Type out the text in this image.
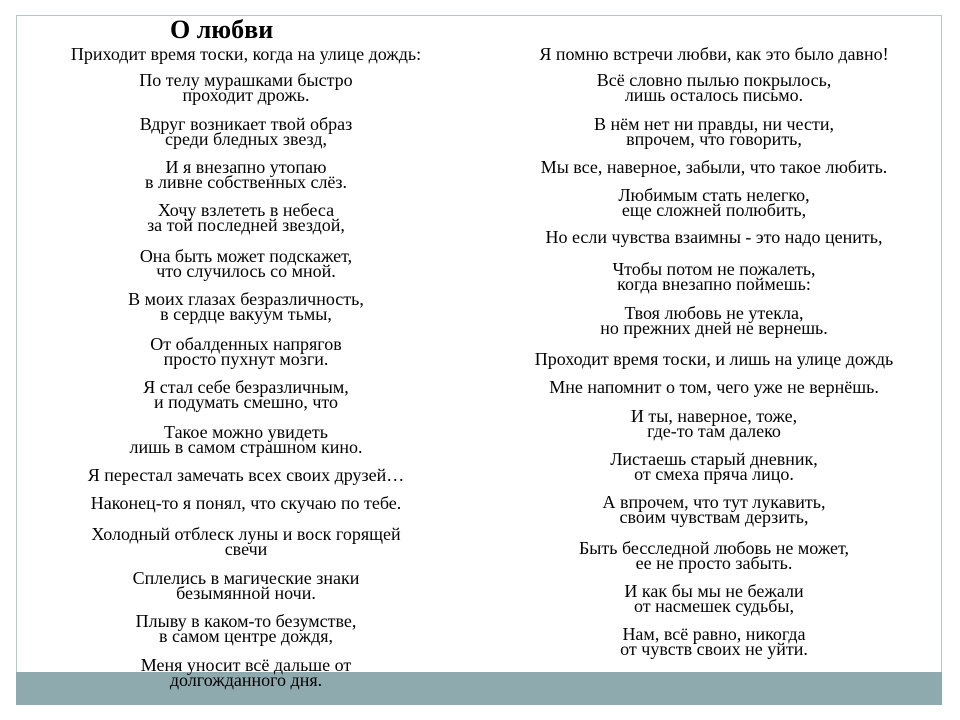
О любви
Приходит время тоски, когда на улице дождь:
По телу мурашками быстро
проходит дрожь.
Вдруг возникает твой образ
среди бледных звезд,
И я внезапно утопаю
в ливне собственных слёз.
Хочу взлететь в небеса
за той последней звездой,
Она быть может подскажет,
что случилось со мной.
В моих глазах безразличность,
в сердце вакуум тьмы,
От обалденных напрягов
просто пухнут мозги.
Я стал себе безразличным,
и подумать смешно, что
Такое можно увидеть
лишь в самом страшном кино.
Я перестал замечать всех своих друзей…
Наконец-то я понял, что скучаю по тебе.
Холодный отблеск луны и воск горящей
свечи
Сплелись в магические знаки
безымянной ночи.
Плыву в каком-то безумстве,
в самом центре дождя,
Меня уносит всё дальше от
долгожданного дня.
Я помню встречи любви, как это было давно!
Всё словно пылью покрылось,
лишь осталось письмо.
В нём нет ни правды, ни чести,
впрочем, что говорить,
Мы все, наверное, забыли, что такое любить.
Любимым стать нелегко,
еще сложней полюбить,
Но если чувства взаимны - это надо ценить,
Чтобы потом не пожалеть,
когда внезапно поймешь:
Твоя любовь не утекла,
но прежних дней не вернешь.
Проходит время тоски, и лишь на улице дождь
Мне напомнит о том, чего уже не вернёшь.
И ты, наверное, тоже,
где-то там далеко
Листаешь старый дневник,
от смеха пряча лицо.
А впрочем, что тут лукавить,
своим чувствам дерзить,
Быть бесследной любовь не может,
ее не просто забыть.
И как бы мы не бежали
от насмешек судьбы,
Нам, всё равно, никогда
от чувств своих не уйти.
